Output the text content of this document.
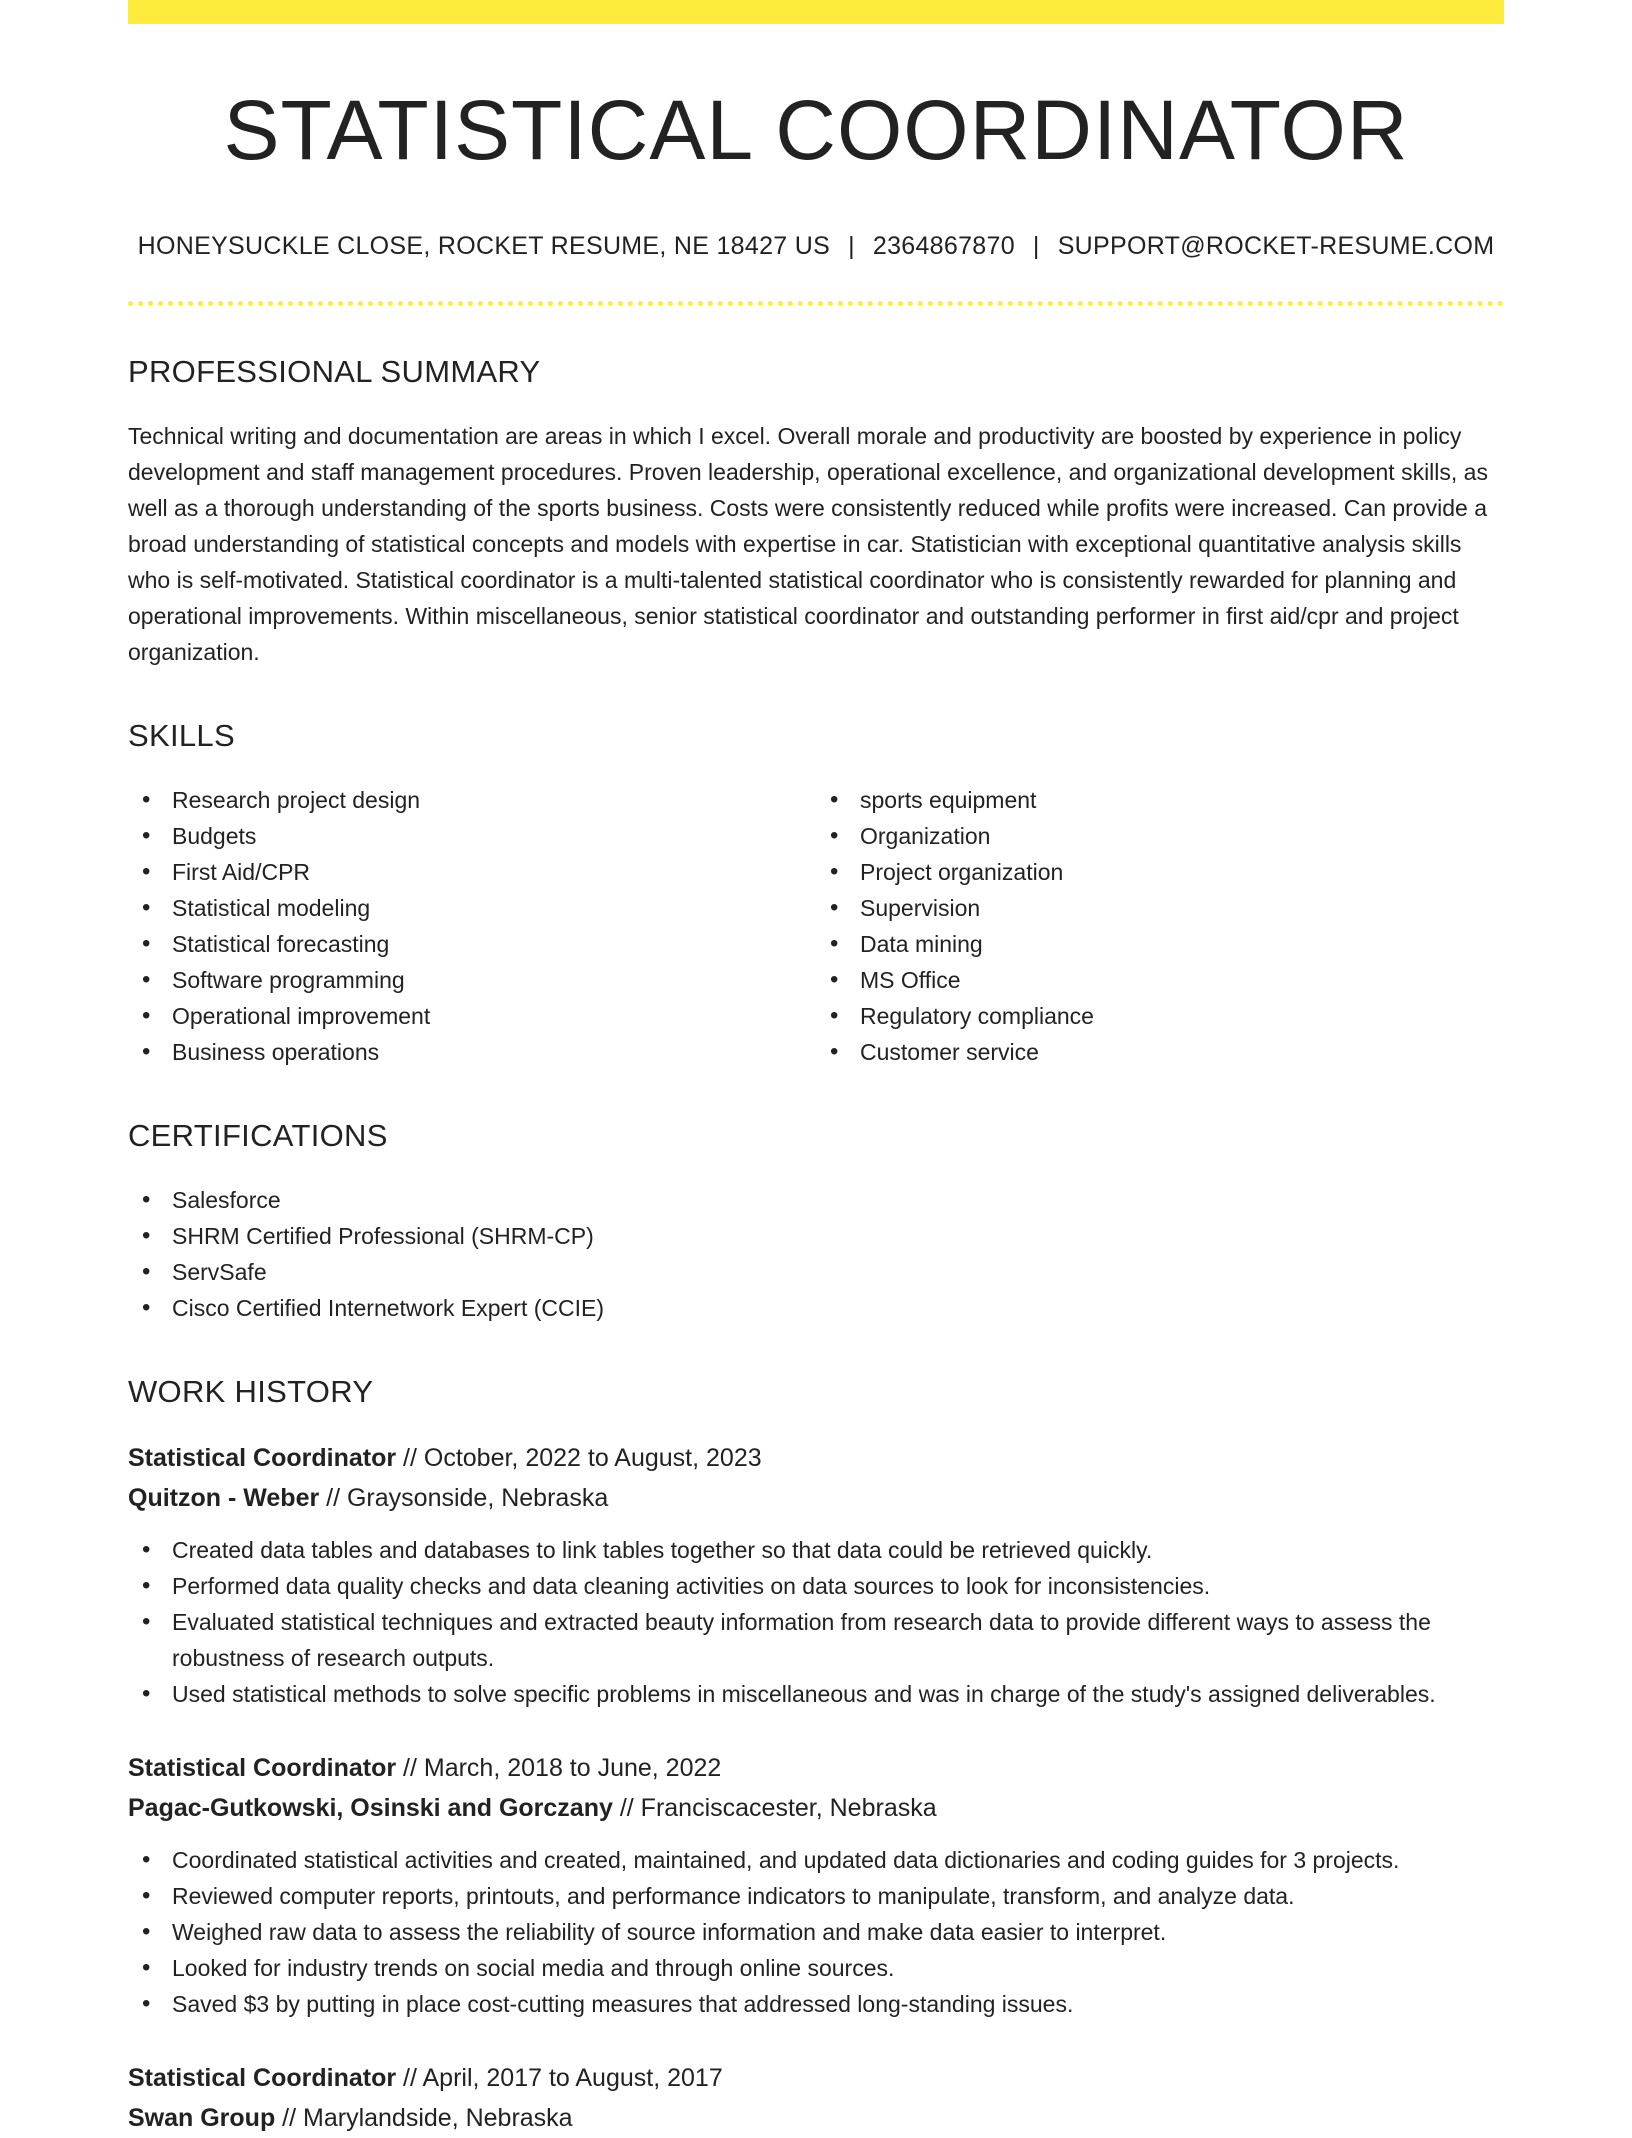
STATISTICAL COORDINATOR
HONEYSUCKLE CLOSE, ROCKET RESUME, NE 18427 US | 2364867870 | SUPPORT@ROCKET-RESUME.COM
PROFESSIONAL SUMMARY

Technical writing and documentation are areas in which I excel. Overall morale and productivity are boosted by experience in policy development and staff management procedures. Proven leadership, operational excellence, and organizational development skills, as well as a thorough understanding of the sports business. Costs were consistently reduced while profits were increased. Can provide a broad understanding of statistical concepts and models with expertise in car. Statistician with exceptional quantitative analysis skills who is self-motivated. Statistical coordinator is a multi-talented statistical coordinator who is consistently rewarded for planning and operational improvements. Within miscellaneous, senior statistical coordinator and outstanding performer in first aid/cpr and project organization.

SKILLS
• Research project design
• Budgets
• First Aid/CPR
• Statistical modeling
• Statistical forecasting
• Software programming
• Operational improvement
• Business operations
• sports equipment
• Organization
• Project organization
• Supervision
• Data mining
• MS Office
• Regulatory compliance
• Customer service
CERTIFICATIONS
• Salesforce
• SHRM Certified Professional (SHRM-CP)
• ServSafe
• Cisco Certified Internetwork Expert (CCIE)
WORK HISTORY
Statistical Coordinator // October, 2022 to August, 2023
Quitzon - Weber // Graysonside, Nebraska
• Created data tables and databases to link tables together so that data could be retrieved quickly.
• Performed data quality checks and data cleaning activities on data sources to look for inconsistencies.
• Evaluated statistical techniques and extracted beauty information from research data to provide different ways to assess the robustness of research outputs.
• Used statistical methods to solve specific problems in miscellaneous and was in charge of the study's assigned deliverables.
Statistical Coordinator // March, 2018 to June, 2022
Pagac-Gutkowski, Osinski and Gorczany // Franciscacester, Nebraska
• Coordinated statistical activities and created, maintained, and updated data dictionaries and coding guides for 3 projects.
• Reviewed computer reports, printouts, and performance indicators to manipulate, transform, and analyze data.
• Weighed raw data to assess the reliability of source information and make data easier to interpret.
• Looked for industry trends on social media and through online sources.
• Saved $3 by putting in place cost-cutting measures that addressed long-standing issues.
Statistical Coordinator // April, 2017 to August, 2017
Swan Group // Marylandside, Nebraska
